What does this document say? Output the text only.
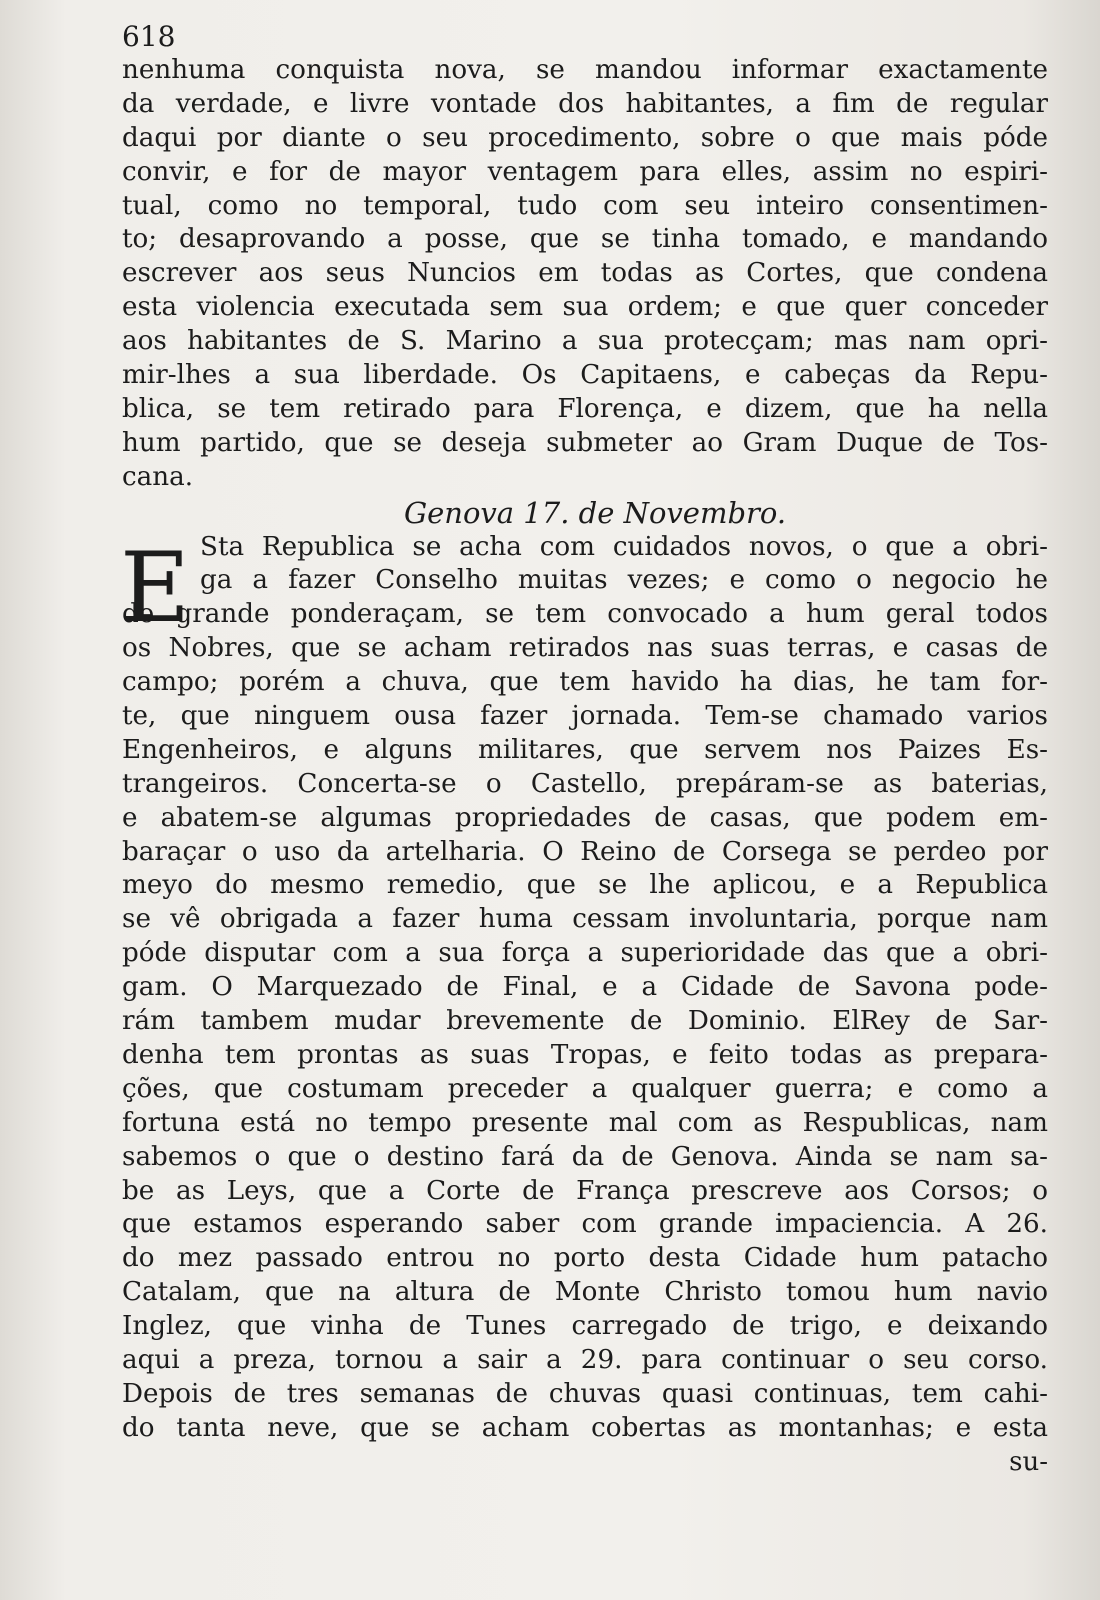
618
nenhuma conquista nova, se mandou informar exactamente
da verdade, e livre vontade dos habitantes, a fim de regular
daqui por diante o seu procedimento, sobre o que mais póde
convir, e for de mayor ventagem para elles, assim no espiri-
tual, como no temporal, tudo com seu inteiro consentimen-
to; desaprovando a posse, que se tinha tomado, e mandando
escrever aos seus Nuncios em todas as Cortes, que condena
esta violencia executada sem sua ordem; e que quer conceder
aos habitantes de S. Marino a sua protecçam; mas nam opri-
mir-lhes a sua liberdade. Os Capitaens, e cabeças da Repu-
blica, se tem retirado para Florença, e dizem, que ha nella
hum partido, que se deseja submeter ao Gram Duque de Tos-
cana.
Genova 17. de Novembro.
E Sta Republica se acha com cuidados novos, o que a obri-
ga a fazer Conselho muitas vezes; e como o negocio he
de grande ponderaçam, se tem convocado a hum geral todos
os Nobres, que se acham retirados nas suas terras, e casas de
campo; porém a chuva, que tem havido ha dias, he tam for-
te, que ninguem ousa fazer jornada. Tem-se chamado varios
Engenheiros, e alguns militares, que servem nos Paizes Es-
trangeiros. Concerta-se o Castello, prepáram-se as baterias,
e abatem-se algumas propriedades de casas, que podem em-
baraçar o uso da artelharia. O Reino de Corsega se perdeo por
meyo do mesmo remedio, que se lhe aplicou, e a Republica
se vê obrigada a fazer huma cessam involuntaria, porque nam
póde disputar com a sua força a superioridade das que a obri-
gam. O Marquezado de Final, e a Cidade de Savona pode-
rám tambem mudar brevemente de Dominio. ElRey de Sar-
denha tem prontas as suas Tropas, e feito todas as prepara-
ções, que costumam preceder a qualquer guerra; e como a
fortuna está no tempo presente mal com as Respublicas, nam
sabemos o que o destino fará da de Genova. Ainda se nam sa-
be as Leys, que a Corte de França prescreve aos Corsos; o
que estamos esperando saber com grande impaciencia. A 26.
do mez passado entrou no porto desta Cidade hum patacho
Catalam, que na altura de Monte Christo tomou hum navio
Inglez, que vinha de Tunes carregado de trigo, e deixando
aqui a preza, tornou a sair a 29. para continuar o seu corso.
Depois de tres semanas de chuvas quasi continuas, tem cahi-
do tanta neve, que se acham cobertas as montanhas; e esta
su-
